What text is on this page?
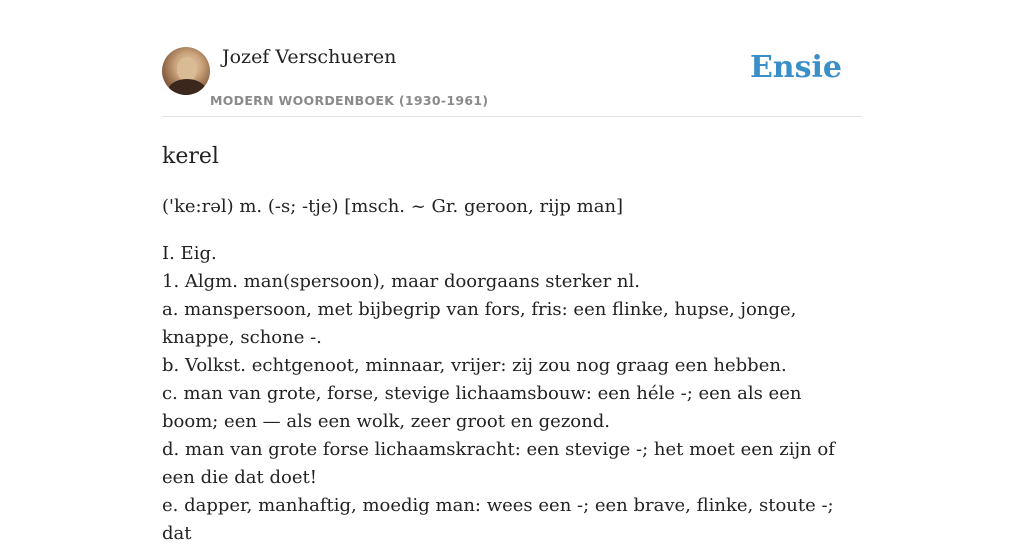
Jozef Verschueren
MODERN WOORDENBOEK (1930-1961)
Ensie
kerel
('ke:rəl) m. (-s; -tje) [msch. ~ Gr. geroon, rijp man]

I. Eig.

1. Algm. man(spersoon), maar doorgaans sterker nl.

a. manspersoon, met bijbegrip van fors, fris: een flinke, hupse, jonge, knappe, schone -.

b. Volkst. echtgenoot, minnaar, vrijer: zij zou nog graag een hebben.

c. man van grote, forse, stevige lichaamsbouw: een héle -; een als een boom; een — als een wolk, zeer groot en gezond.

d. man van grote forse lichaamskracht: een stevige -; het moet een zijn of een die dat doet!

e. dapper, manhaftig, moedig man: wees een -; een brave, flinke, stoute -; dat
